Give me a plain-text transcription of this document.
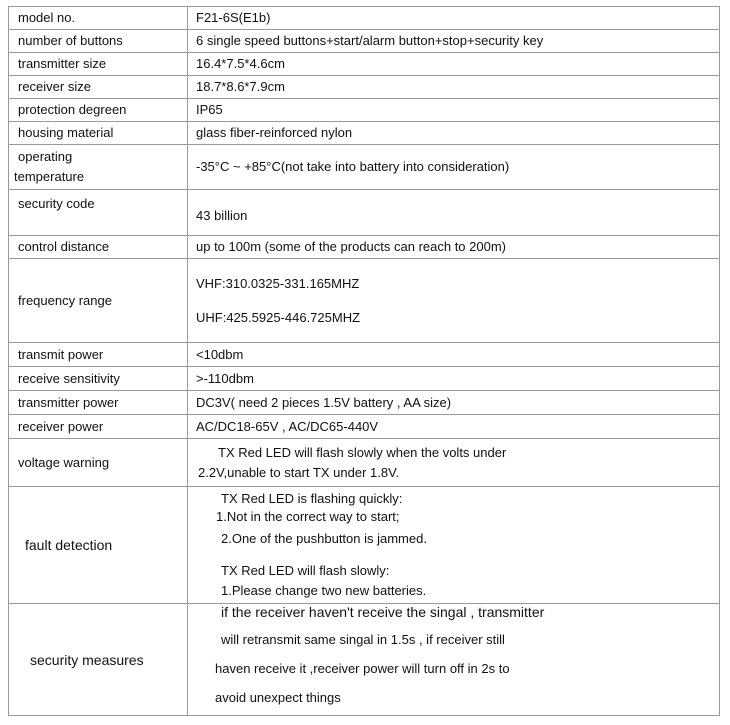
model no.	F21-6S(E1b)
number of buttons	6 single speed buttons+start/alarm button+stop+security key
transmitter size	16.4*7.5*4.6cm
receiver size	18.7*8.6*7.9cm
protection degreen	IP65
housing material	glass fiber-reinforced nylon

operating
temperature	-35°C ~ +85°C(not take into battery into consideration)
security code	43 billion
control distance	up to 100m (some of the products can reach to 200m)
frequency range	VHF:310.0325-331.165MHZ
UHF:425.5925-446.725MHZ

transmit power	<10dbm
receive sensitivity	>-110dbm
transmitter power	DC3V( need 2 pieces 1.5V battery , AA size)
receiver power	AC/DC18-65V , AC/DC65-440V
voltage warning	TX Red LED will flash slowly when the volts under
2.2V,unable to start TX under 1.8V.

fault detection	TX Red LED is flashing quickly:
1.Not in the correct way to start;
2.One of the pushbutton is jammed.
TX Red LED will flash slowly:
1.Please change two new batteries.

security measures	if the receiver haven't receive the singal , transmitter
will retransmit same singal in 1.5s , if receiver still
haven receive it ,receiver power will turn off in 2s to
avoid unexpect things
